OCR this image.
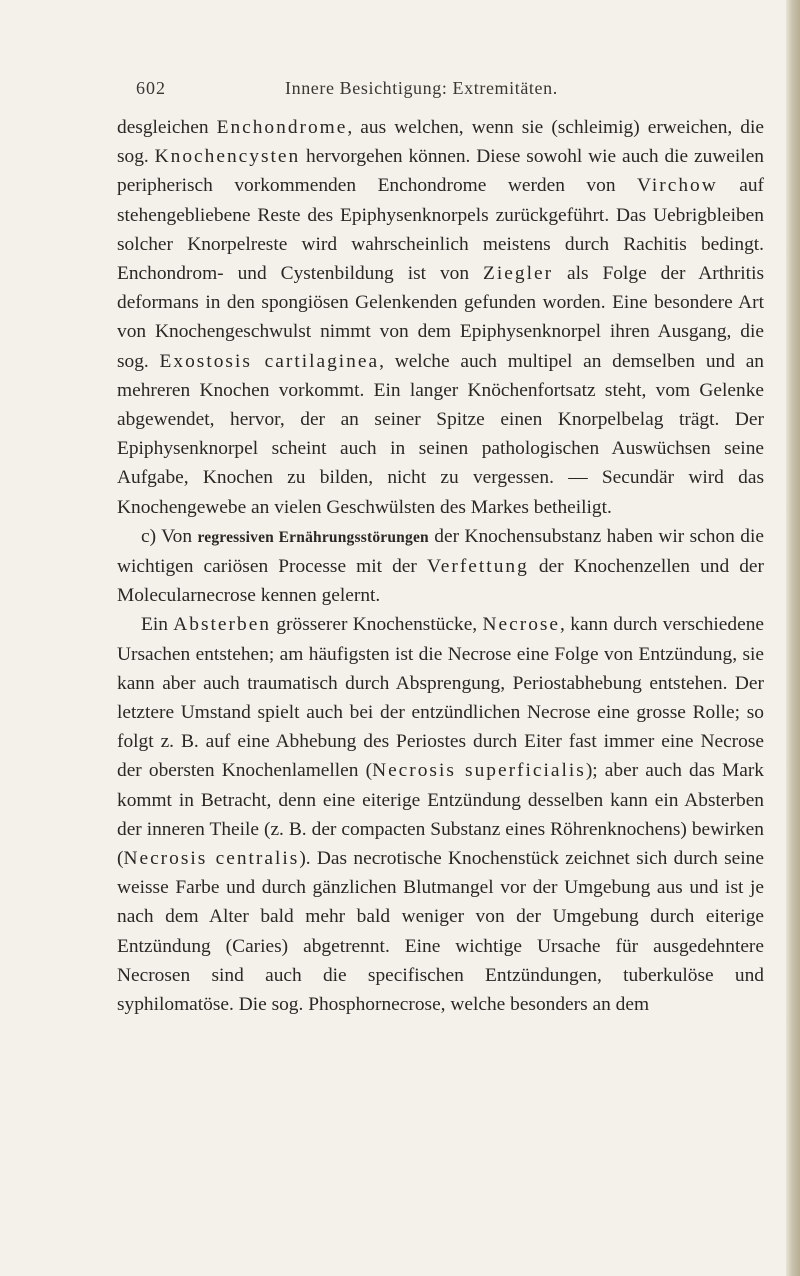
602	Innere Besichtigung: Extremitäten.

desgleichen Enchondrome, aus welchen, wenn sie (schleimig) erweichen, die sog. Knochencysten hervorgehen können. Diese sowohl wie auch die zuweilen peripherisch vorkommenden Enchondrome werden von Virchow auf stehengebliebene Reste des Epiphysenknorpels zurückgeführt. Das Uebrigbleiben solcher Knorpelreste wird wahrscheinlich meistens durch Rachitis bedingt. Enchondrom- und Cystenbildung ist von Ziegler als Folge der Arthritis deformans in den spongiösen Gelenkenden gefunden worden. Eine besondere Art von Knochengeschwulst nimmt von dem Epiphysenknorpel ihren Ausgang, die sog. Exostosis cartilaginea, welche auch multipel an demselben und an mehreren Knochen vorkommt. Ein langer Knöchenfortsatz steht, vom Gelenke abgewendet, hervor, der an seiner Spitze einen Knorpelbelag trägt. Der Epiphysenknorpel scheint auch in seinen pathologischen Auswüchsen seine Aufgabe, Knochen zu bilden, nicht zu vergessen. — Secundär wird das Knochengewebe an vielen Geschwülsten des Markes betheiligt.

c) Von regressiven Ernährungsstörungen der Knochensubstanz haben wir schon die wichtigen cariösen Processe mit der Verfettung der Knochenzellen und der Molecularnecrose kennen gelernt.

Ein Absterben grösserer Knochenstücke, Necrose, kann durch verschiedene Ursachen entstehen; am häufigsten ist die Necrose eine Folge von Entzündung, sie kann aber auch traumatisch durch Absprengung, Periostabhebung entstehen. Der letztere Umstand spielt auch bei der entzündlichen Necrose eine grosse Rolle; so folgt z. B. auf eine Abhebung des Periostes durch Eiter fast immer eine Necrose der obersten Knochenlamellen (Necrosis superficialis); aber auch das Mark kommt in Betracht, denn eine eiterige Entzündung desselben kann ein Absterben der inneren Theile (z. B. der compacten Substanz eines Röhrenknochens) bewirken (Necrosis centralis). Das necrotische Knochenstück zeichnet sich durch seine weisse Farbe und durch gänzlichen Blutmangel vor der Umgebung aus und ist je nach dem Alter bald mehr bald weniger von der Umgebung durch eiterige Entzündung (Caries) abgetrennt. Eine wichtige Ursache für ausgedehntere Necrosen sind auch die specifischen Entzündungen, tuberkulöse und syphilomatöse. Die sog. Phosphornecrose, welche besonders an dem
